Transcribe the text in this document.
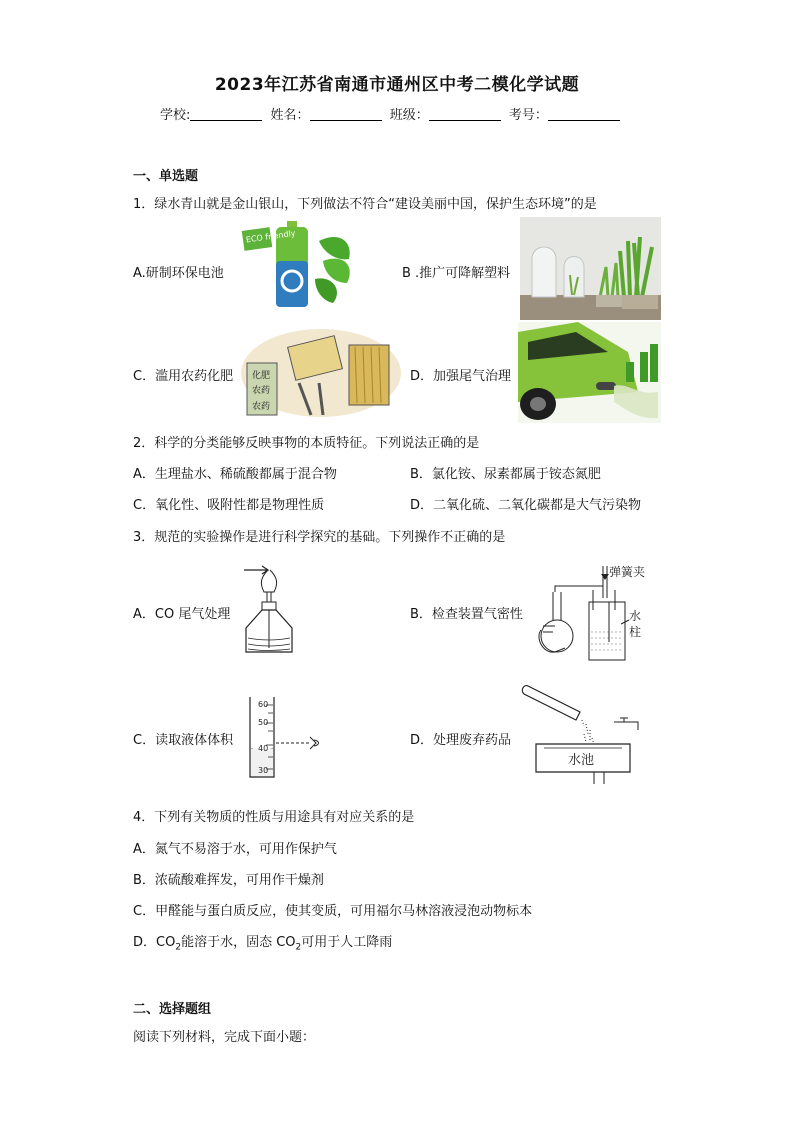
2023年江苏省南通市通州区中考二模化学试题
学校:	姓名：	班级：	考号：
一、单选题
1．绿水青山就是金山银山，下列做法不符合“建设美丽中国，保护生态环境”的是
A.研制环保电池	B .推广可降解塑料
C．滥用农药化肥	D．加强尾气治理
ECO friendly
化肥
农药
农药
2．科学的分类能够反映事物的本质特征。下列说法正确的是
A．生理盐水、稀硫酸都属于混合物	B．氯化铵、尿素都属于铵态氮肥
C．氧化性、吸附性都是物理性质	D．二氧化硫、二氧化碳都是大气污染物
3．规范的实验操作是进行科学探究的基础。下列操作不正确的是
A．CO 尾气处理	B．检查装置气密性
C．读取液体体积	D．处理废弃药品
弹簧夹
水
柱
60
50
40
30
水池
4．下列有关物质的性质与用途具有对应关系的是
A．氮气不易溶于水，可用作保护气
B．浓硫酸难挥发，可用作干燥剂
C．甲醛能与蛋白质反应，使其变质，可用福尔马林溶液浸泡动物标本
D．$CO_2$能溶于水，固态 $CO_2$可用于人工降雨
二、选择题组
阅读下列材料，完成下面小题：
